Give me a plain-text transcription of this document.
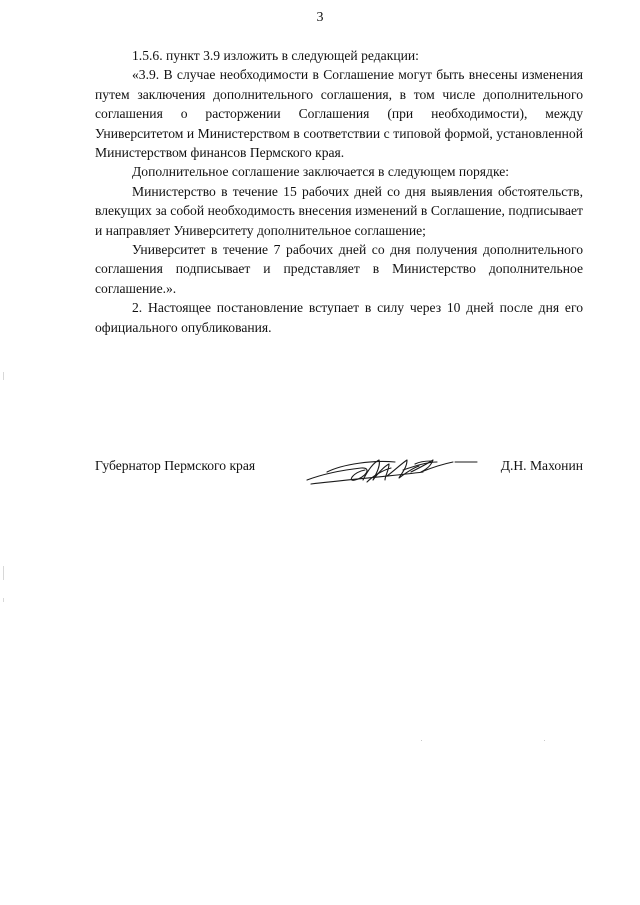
3

1.5.6. пункт 3.9 изложить в следующей редакции:

«3.9. В случае необходимости в Соглашение могут быть внесены изменения путем заключения дополнительного соглашения, в том числе дополнительного соглашения о расторжении Соглашения (при необходимости), между Университетом и Министерством в соответствии с типовой формой, установленной Министерством финансов Пермского края.

Дополнительное соглашение заключается в следующем порядке:

Министерство в течение 15 рабочих дней со дня выявления обстоятельств, влекущих за собой необходимость внесения изменений в Соглашение, подписывает и направляет Университету дополнительное соглашение;

Университет в течение 7 рабочих дней со дня получения дополнительного соглашения подписывает и представляет в Министерство дополнительное соглашение.».

2. Настоящее постановление вступает в силу через 10 дней после дня его официального опубликования.

Губернатор Пермского края	Д.Н. Махонин
